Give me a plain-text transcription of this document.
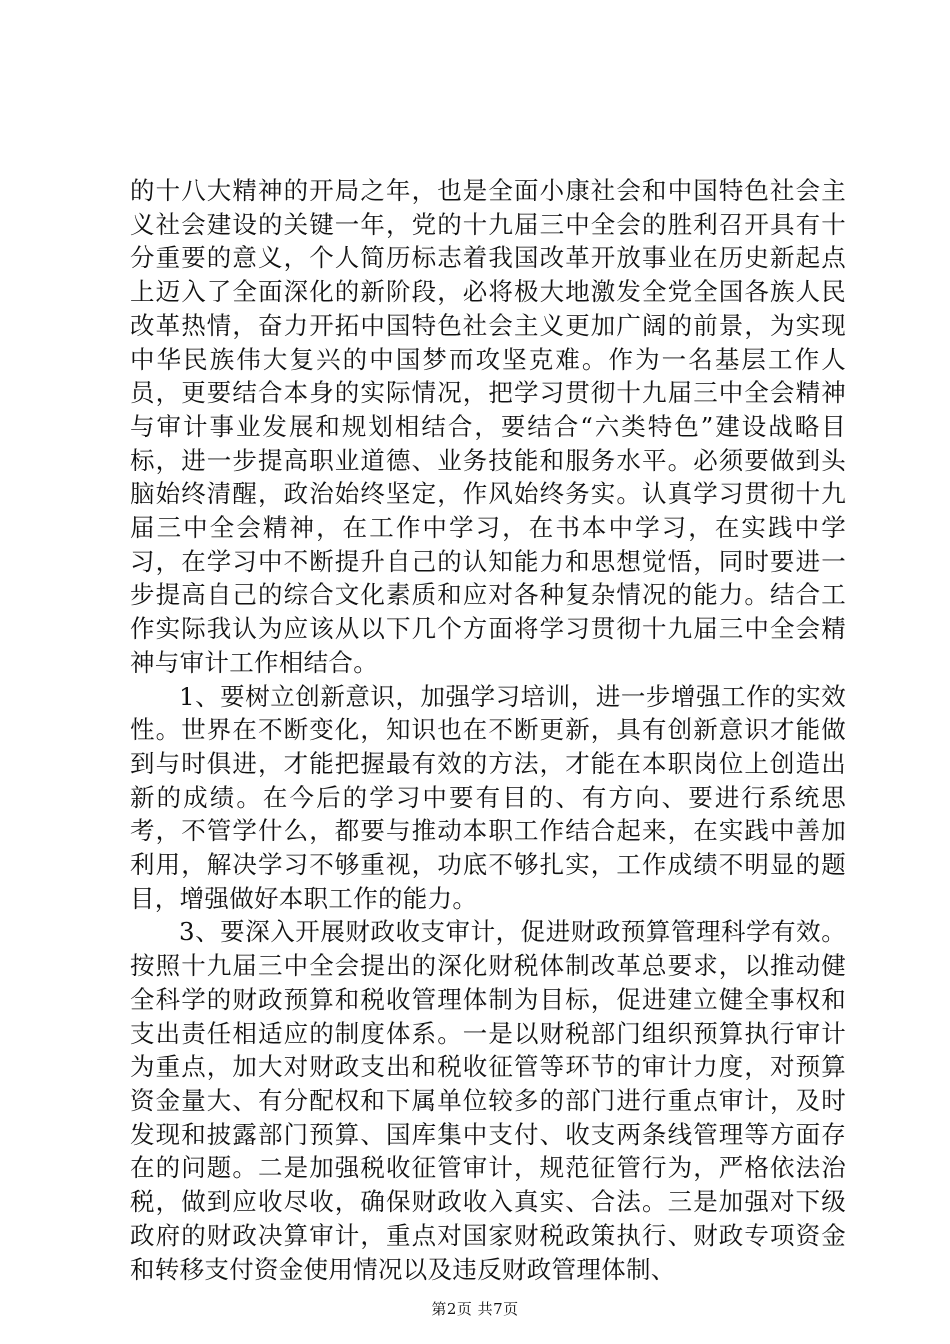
的十八大精神的开局之年，也是全面小康社会和中国特色社会主义社会建设的关键一年，党的十九届三中全会的胜利召开具有十分重要的意义，个人简历标志着我国改革开放事业在历史新起点上迈入了全面深化的新阶段，必将极大地激发全党全国各族人民改革热情，奋力开拓中国特色社会主义更加广阔的前景，为实现中华民族伟大复兴的中国梦而攻坚克难。作为一名基层工作人员，更要结合本身的实际情况，把学习贯彻十九届三中全会精神与审计事业发展和规划相结合，要结合“六类特色”建设战略目标，进一步提高职业道德、业务技能和服务水平。必须要做到头脑始终清醒，政治始终坚定，作风始终务实。认真学习贯彻十九届三中全会精神，在工作中学习，在书本中学习，在实践中学习，在学习中不断提升自己的认知能力和思想觉悟，同时要进一步提高自己的综合文化素质和应对各种复杂情况的能力。结合工作实际我认为应该从以下几个方面将学习贯彻十九届三中全会精神与审计工作相结合。

1、要树立创新意识，加强学习培训，进一步增强工作的实效性。世界在不断变化，知识也在不断更新，具有创新意识才能做到与时俱进，才能把握最有效的方法，才能在本职岗位上创造出新的成绩。在今后的学习中要有目的、有方向、要进行系统思考，不管学什么，都要与推动本职工作结合起来，在实践中善加利用，解决学习不够重视，功底不够扎实，工作成绩不明显的题目，增强做好本职工作的能力。

3、要深入开展财政收支审计，促进财政预算管理科学有效。按照十九届三中全会提出的深化财税体制改革总要求，以推动健全科学的财政预算和税收管理体制为目标，促进建立健全事权和支出责任相适应的制度体系。一是以财税部门组织预算执行审计为重点，加大对财政支出和税收征管等环节的审计力度，对预算资金量大、有分配权和下属单位较多的部门进行重点审计，及时发现和披露部门预算、国库集中支付、收支两条线管理等方面存在的问题。二是加强税收征管审计，规范征管行为，严格依法治税，做到应收尽收，确保财政收入真实、合法。三是加强对下级政府的财政决算审计，重点对国家财税政策执行、财政专项资金和转移支付资金使用情况以及违反财政管理体制、

第2页 共7页
